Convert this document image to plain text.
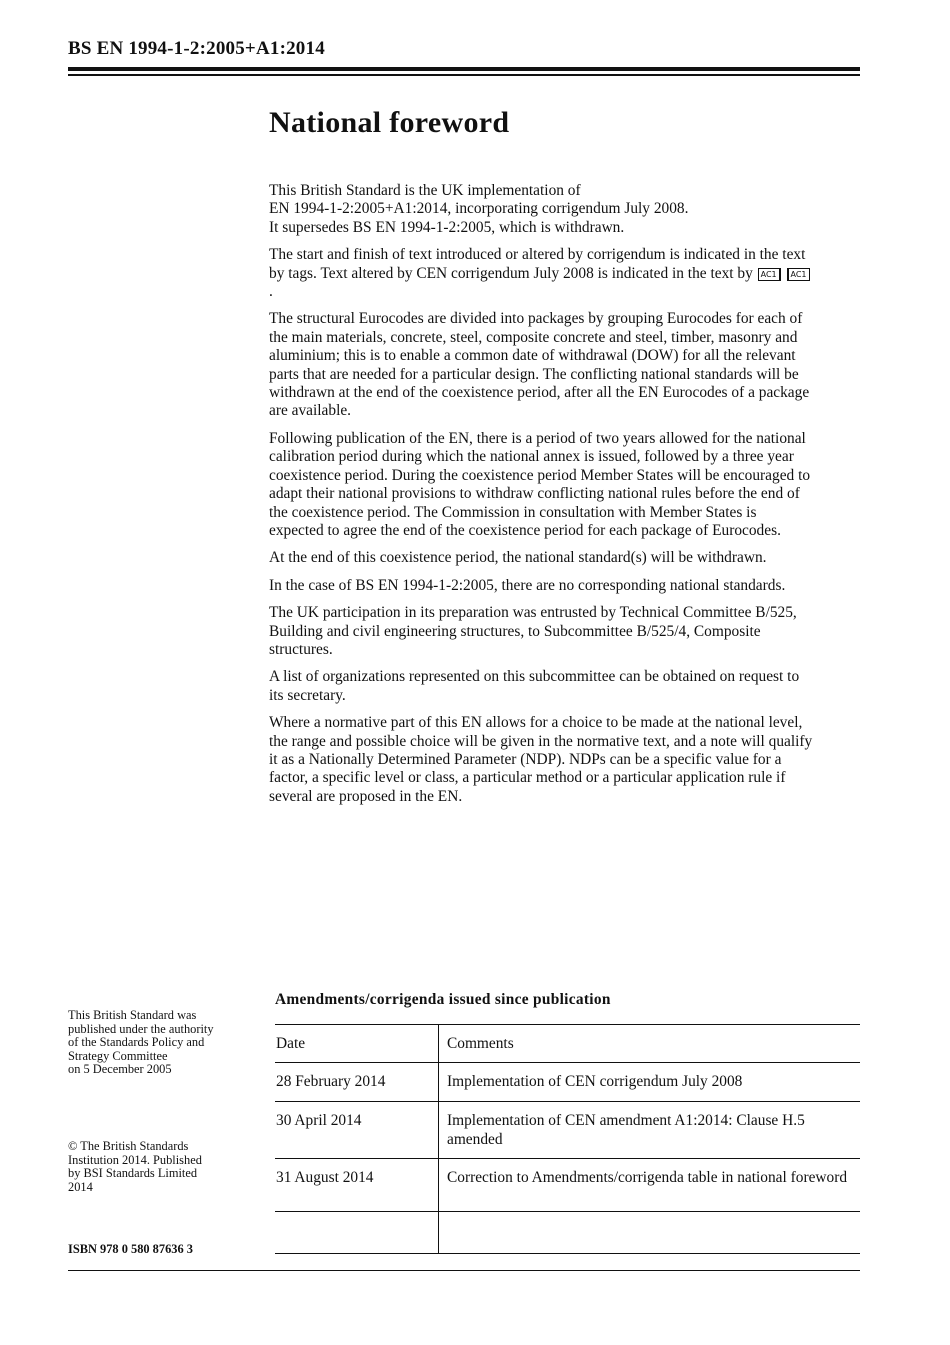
BS EN 1994-1-2:2005+A1:2014
National foreword

This British Standard is the UK implementation of
EN 1994-1-2:2005+A1:2014, incorporating corrigendum July 2008.
It supersedes BS EN 1994-1-2:2005, which is withdrawn.

The start and finish of text introduced or altered by corrigendum is indicated in the text by tags. Text altered by CEN corrigendum July 2008 is indicated in the text by AC1 AC1.

The structural Eurocodes are divided into packages by grouping Eurocodes for each of the main materials, concrete, steel, composite concrete and steel, timber, masonry and aluminium; this is to enable a common date of withdrawal (DOW) for all the relevant parts that are needed for a particular design. The conflicting national standards will be withdrawn at the end of the coexistence period, after all the EN Eurocodes of a package are available.

Following publication of the EN, there is a period of two years allowed for the national calibration period during which the national annex is issued, followed by a three year coexistence period. During the coexistence period Member States will be encouraged to adapt their national provisions to withdraw conflicting national rules before the end of the coexistence period. The Commission in consultation with Member States is expected to agree the end of the coexistence period for each package of Eurocodes.

At the end of this coexistence period, the national standard(s) will be withdrawn.

In the case of BS EN 1994-1-2:2005, there are no corresponding national standards.

The UK participation in its preparation was entrusted by Technical Committee B/525, Building and civil engineering structures, to Subcommittee B/525/4, Composite structures.

A list of organizations represented on this subcommittee can be obtained on request to its secretary.

Where a normative part of this EN allows for a choice to be made at the national level, the range and possible choice will be given in the normative text, and a note will qualify it as a Nationally Determined Parameter (NDP). NDPs can be a specific value for a factor, a specific level or class, a particular method or a particular application rule if several are proposed in the EN.

This British Standard was

published under the authority

of the Standards Policy and

Strategy Committee

on 5 December 2005

© The British Standards

Institution 2014. Published

by BSI Standards Limited

2014

ISBN 978 0 580 87636 3
Amendments/corrigenda issued since publication
Date	Comments
28 February 2014	Implementation of CEN corrigendum July 2008
30 April 2014	Implementation of CEN amendment A1:2014: Clause H.5 amended
31 August 2014	Correction to Amendments/corrigenda table in national foreword
